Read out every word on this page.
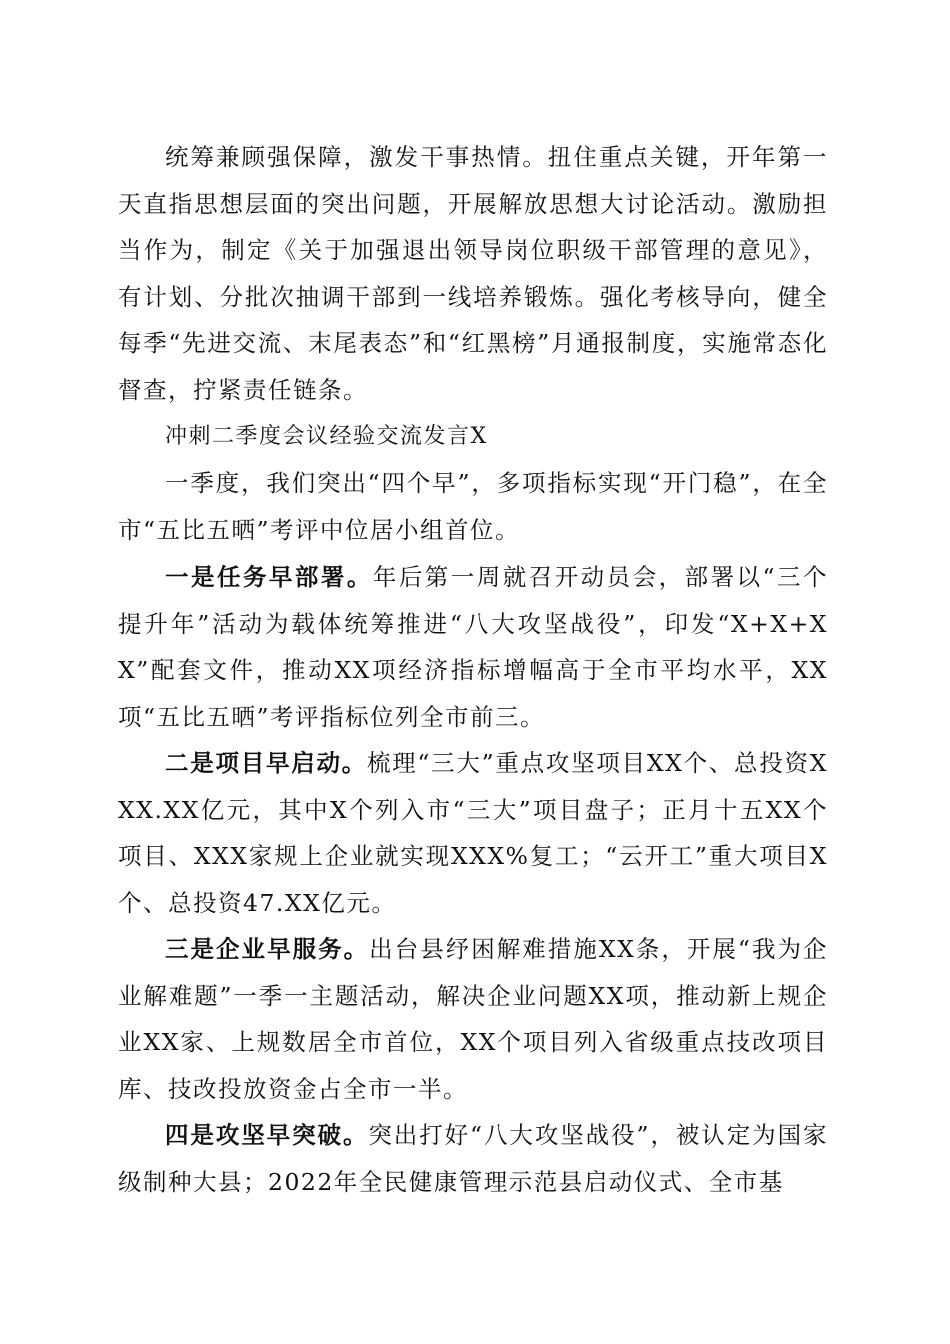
统筹兼顾强保障，激发干事热情。扭住重点关键，开年第一天直指思想层面的突出问题，开展解放思想大讨论活动。激励担当作为，制定《关于加强退出领导岗位职级干部管理的意见》，有计划、分批次抽调干部到一线培养锻炼。强化考核导向，健全每季“先进交流、末尾表态”和“红黑榜”月通报制度，实施常态化督查，拧紧责任链条。

冲刺二季度会议经验交流发言X

一季度，我们突出“四个早”，多项指标实现“开门稳”，在全市“五比五晒”考评中位居小组首位。

一是任务早部署。年后第一周就召开动员会，部署以“三个提升年”活动为载体统筹推进“八大攻坚战役”，印发“X+X+XX”配套文件，推动XX项经济指标增幅高于全市平均水平，XX项“五比五晒”考评指标位列全市前三。

二是项目早启动。梳理“三大”重点攻坚项目XX个、总投资XXX.XX亿元，其中X个列入市“三大”项目盘子；正月十五XX个项目、XXX家规上企业就实现XXX%复工；“云开工”重大项目X个、总投资47.XX亿元。

三是企业早服务。出台县纾困解难措施XX条，开展“我为企业解难题”一季一主题活动，解决企业问题XX项，推动新上规企业XX家、上规数居全市首位，XX个项目列入省级重点技改项目库、技改投放资金占全市一半。

四是攻坚早突破。突出打好“八大攻坚战役”，被认定为国家级制种大县；2022年全民健康管理示范县启动仪式、全市基
